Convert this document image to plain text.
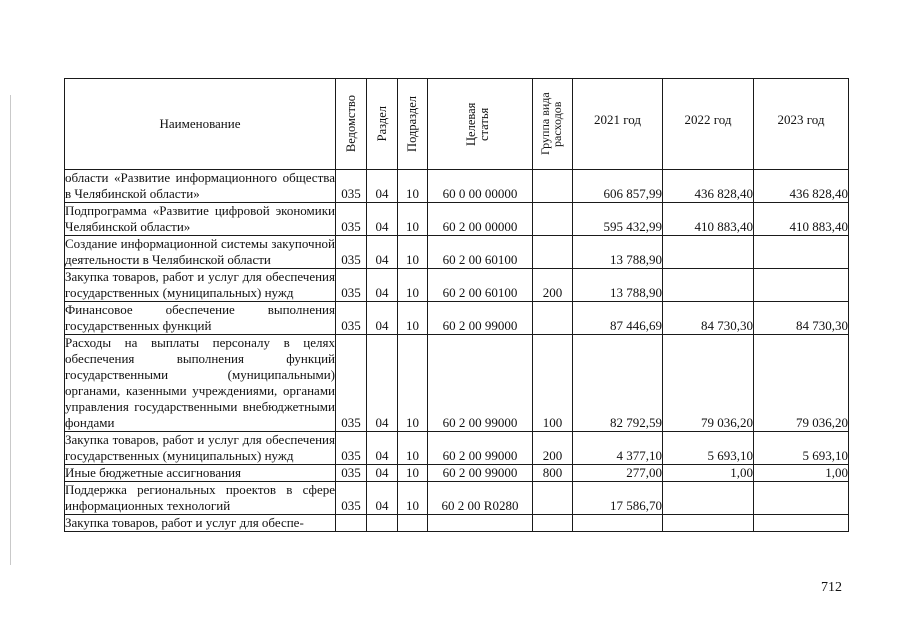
Наименование	Ведомство	Раздел	Подраздел	Целевая статья	Группа вида расходов	2021 год	2022 год	2023 год
области «Развитие информационного общества в Челябинской области»	035	04	10	60 0 00 00000		606 857,99	436 828,40	436 828,40
Подпрограмма «Развитие цифровой экономики Челябинской области»	035	04	10	60 2 00 00000		595 432,99	410 883,40	410 883,40
Создание информационной системы закупочной деятельности в Челябинской области	035	04	10	60 2 00 60100		13 788,90		
Закупка товаров, работ и услуг для обеспечения государственных (муниципальных) нужд	035	04	10	60 2 00 60100	200	13 788,90		
Финансовое обеспечение выполнения государственных функций	035	04	10	60 2 00 99000		87 446,69	84 730,30	84 730,30
Расходы на выплаты персоналу в целях обеспечения выполнения функций государственными (муниципальными) органами, казенными учреждениями, органами управления государственными внебюджетными фондами	035	04	10	60 2 00 99000	100	82 792,59	79 036,20	79 036,20
Закупка товаров, работ и услуг для обеспечения государственных (муниципальных) нужд	035	04	10	60 2 00 99000	200	4 377,10	5 693,10	5 693,10
Иные бюджетные ассигнования	035	04	10	60 2 00 99000	800	277,00	1,00	1,00
Поддержка региональных проектов в сфере информационных технологий	035	04	10	60 2 00 R0280		17 586,70		
Закупка товаров, работ и услуг для обеспе-								
712
